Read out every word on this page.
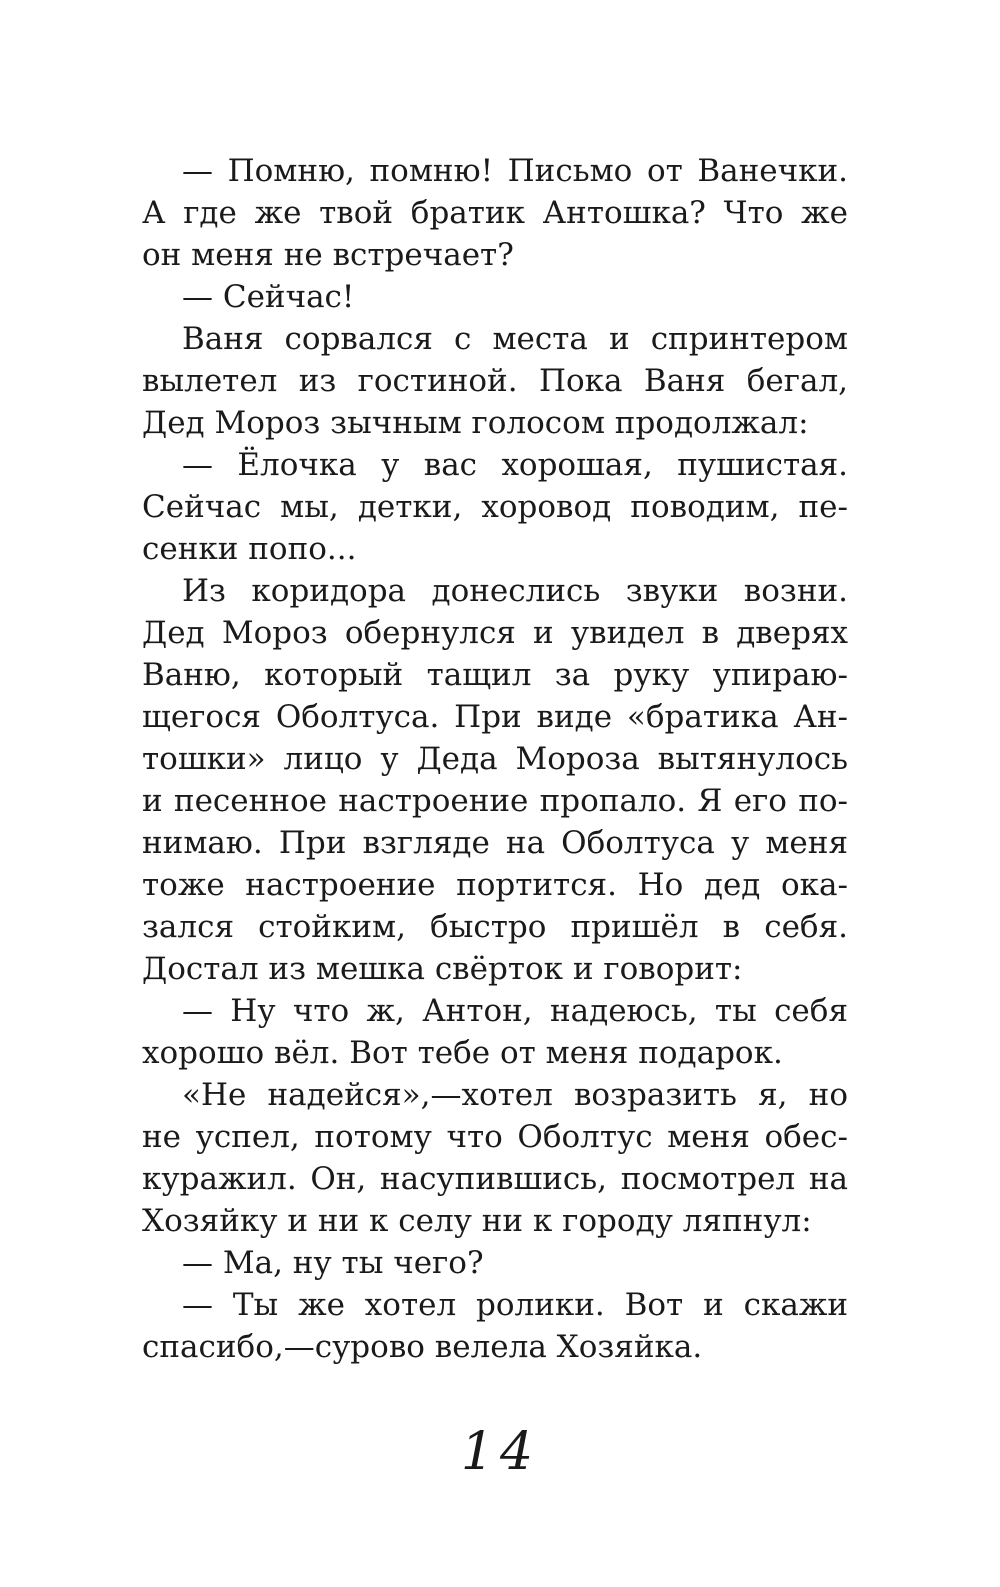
— Помню, помню! Письмо от Ванечки.
А где же твой братик Антошка? Что же
он меня не встречает?

— Сейчас!

Ваня сорвался с места и спринтером
вылетел из гостиной. Пока Ваня бегал,
Дед Мороз зычным голосом продолжал:

— Ёлочка у вас хорошая, пушистая.
Сейчас мы, детки, хоровод поводим, пе-
сенки попо...

Из коридора донеслись звуки возни.
Дед Мороз обернулся и увидел в дверях
Ваню, который тащил за руку упираю-
щегося Оболтуса. При виде «братика Ан-
тошки» лицо у Деда Мороза вытянулось
и песенное настроение пропало. Я его по-
нимаю. При взгляде на Оболтуса у меня
тоже настроение портится. Но дед ока-
зался стойким, быстро пришёл в себя.
Достал из мешка свёрток и говорит:

— Ну что ж, Антон, надеюсь, ты себя
хорошо вёл. Вот тебе от меня подарок.

«Не надейся»,—хотел возразить я, но
не успел, потому что Оболтус меня обес-
куражил. Он, насупившись, посмотрел на
Хозяйку и ни к селу ни к городу ляпнул:

— Ма, ну ты чего?

— Ты же хотел ролики. Вот и скажи
спасибо,—сурово велела Хозяйка.

14
